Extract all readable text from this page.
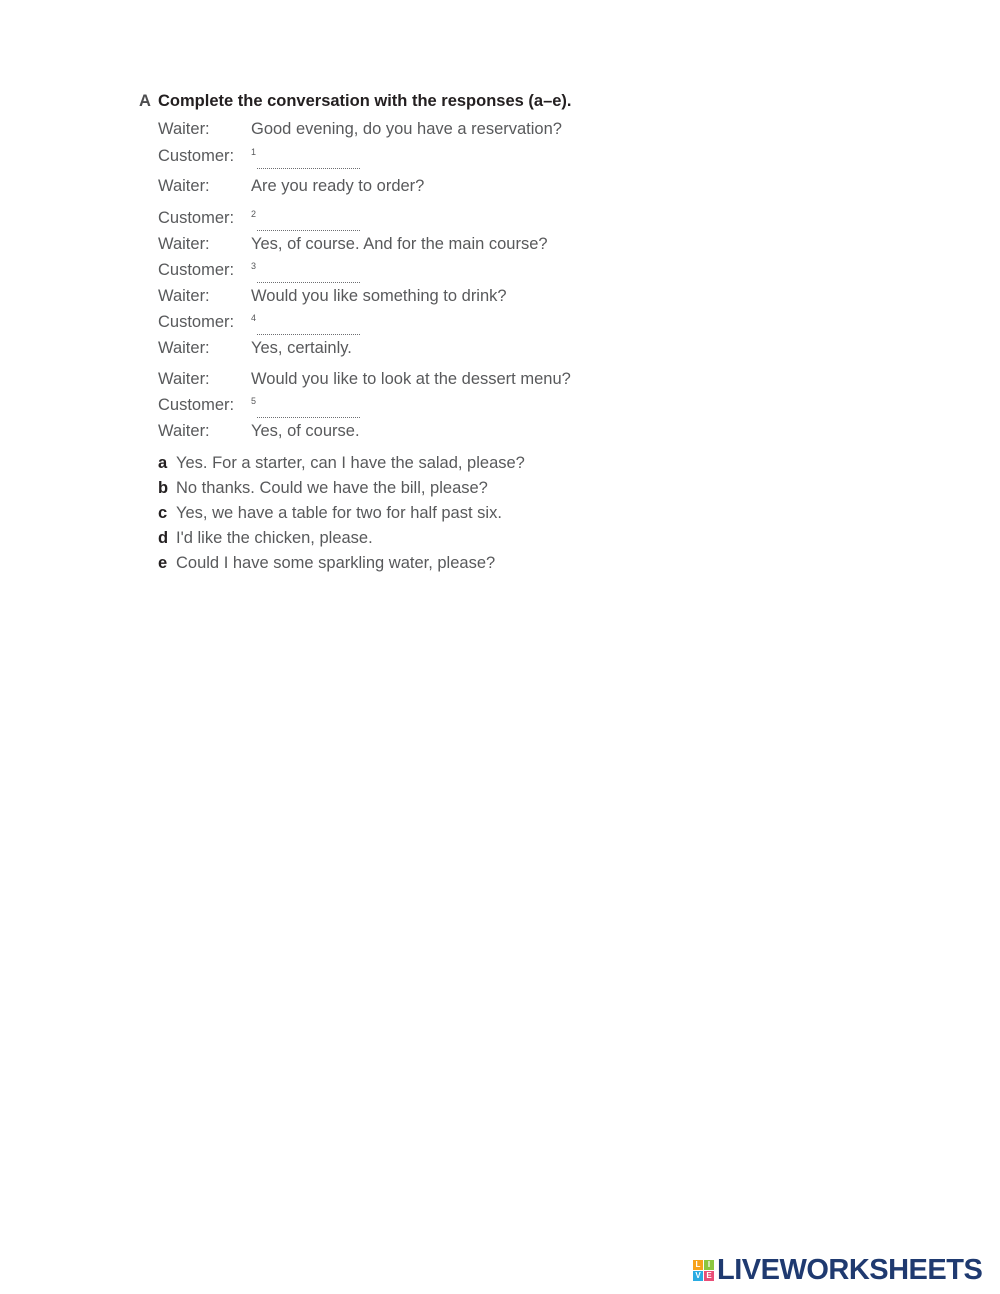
A Complete the conversation with the responses (a–e).
Waiter:	Good evening, do you have a reservation?
Customer:	$^1$
Waiter:	Are you ready to order?
Customer:	$^2$
Waiter:	Yes, of course. And for the main course?
Customer:	$^3$
Waiter:	Would you like something to drink?
Customer:	$^4$
Waiter:	Yes, certainly.
Waiter:	Would you like to look at the dessert menu?
Customer:	$^5$
Waiter:	Yes, of course.
a Yes. For a starter, can I have the salad, please?
b No thanks. Could we have the bill, please?
c Yes, we have a table for two for half past six.
d I'd like the chicken, please.
e Could I have some sparkling water, please?
L I
V E LIVEWORKSHEETS
